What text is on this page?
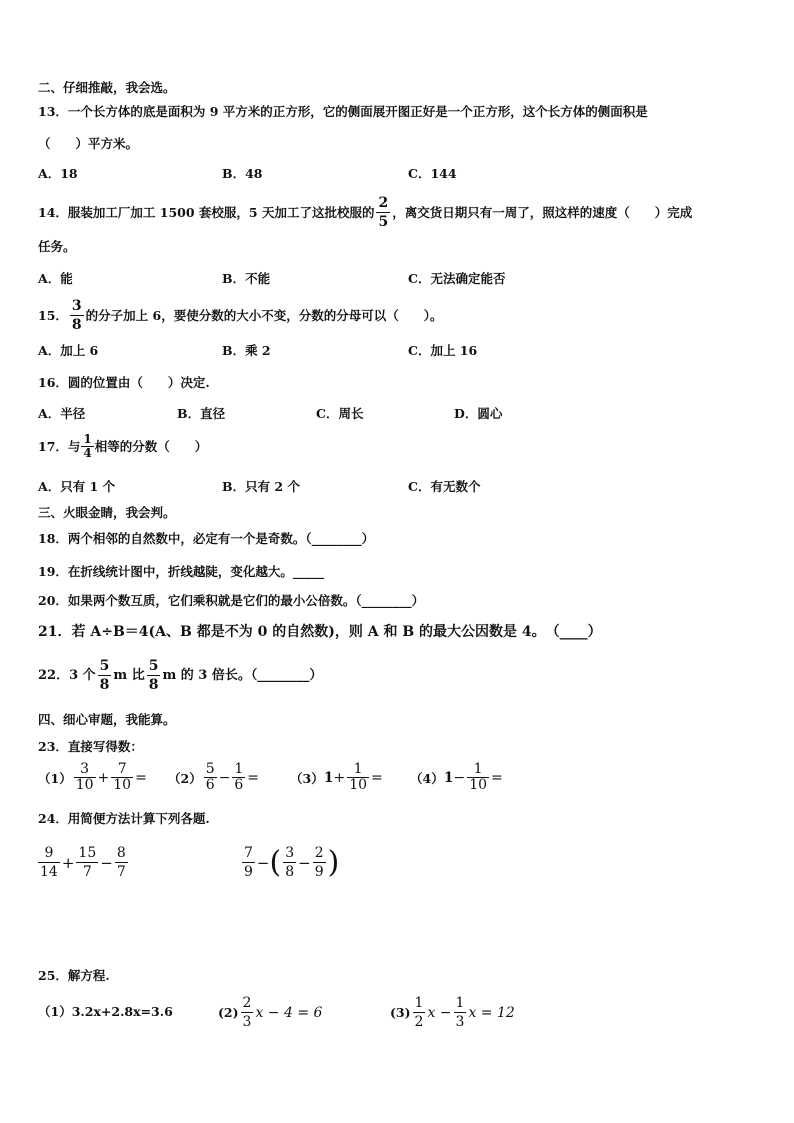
二、仔细推敲，我会选。
13．一个长方体的底是面积为 9 平方米的正方形，它的侧面展开图正好是一个正方形，这个长方体的侧面积是
（　　）平方米。
A．18	B．48	C．144
14．服装加工厂加工 1500 套校服，5 天加工了这批校服的 $\frac{2}{5}$ ，离交货日期只有一周了，照这样的速度（　　）完成
任务。
A．能	B．不能	C．无法确定能否
15． $\frac{3}{8}$ 的分子加上 6，要使分数的大小不变，分数的分母可以（　　）。
A．加上 6	B．乘 2	C．加上 16
16．圆的位置由（　　）决定.
A．半径	B．直径	C．周长	D．圆心
17．与 $\frac{1}{4}$ 相等的分数（　　）
A．只有 1 个	B．只有 2 个	C．有无数个
三、火眼金睛，我会判。
18．两个相邻的自然数中，必定有一个是奇数。（________）
19．在折线统计图中，折线越陡，变化越大。_____
20．如果两个数互质，它们乘积就是它们的最小公倍数。（________）
21．若 A÷B＝4(A、B 都是不为 0 的自然数)，则 A 和 B 的最大公因数是 4。　（____）
22．3 个 $\frac{5}{8}$ m 比 $\frac{5}{8}$ m 的 3 倍长。（________）
四、细心审题，我能算。
23．直接写得数：
$(1) \frac{3}{10} + \frac{7}{10} = (2) \frac{5}{6} - \frac{1}{6} = (3) 1 + \frac{1}{10} = (4) 1 - \frac{1}{10}$ =
24．用简便方法计算下列各题.
$\frac{9}{14} + \frac{15}{7} - \frac{8}{7}$	$\frac{7}{9}$ − ( $\frac{3}{8} - \frac{2}{9}$ )
25．解方程.
（1）3.2x+2.8x=3.6	$(2) \frac{2}{3}$ x − 4 = 6	$(3) \frac{1}{2}$ $x - \frac{1}{3}$ x = 12
